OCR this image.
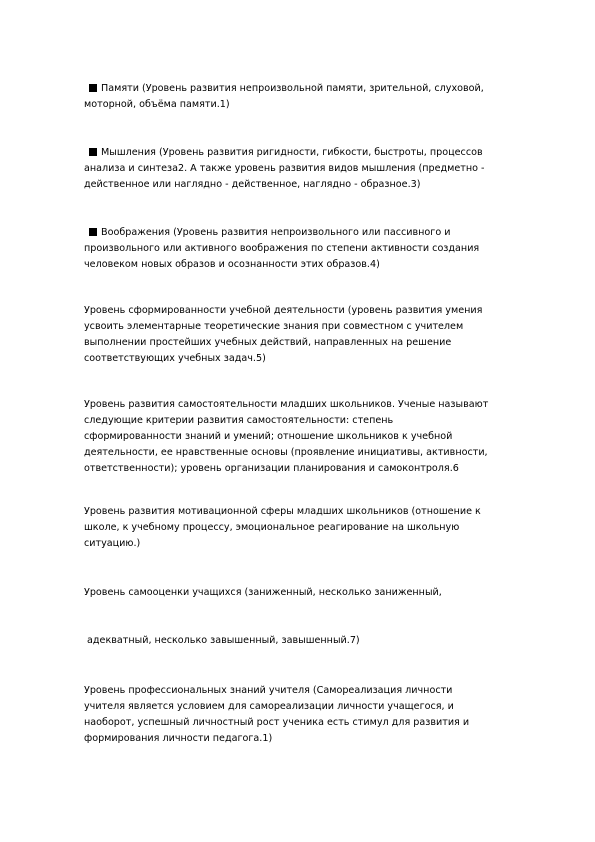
Памяти (Уровень развития непроизвольной памяти, зрительной, слуховой,
моторной, объёма памяти.1)
Мышления (Уровень развития ригидности, гибкости, быстроты, процессов
анализа и синтеза2. А также уровень развития видов мышления (предметно -
действенное или наглядно - действенное, наглядно - образное.3)
Воображения (Уровень развития непроизвольного или пассивного и
произвольного или активного воображения по степени активности создания
человеком новых образов и осознанности этих образов.4)

Уровень сформированности учебной деятельности (уровень развития умения
усвоить элементарные теоретические знания при совместном с учителем
выполнении простейших учебных действий, направленных на решение
соответствующих учебных задач.5)

Уровень развития самостоятельности младших школьников. Ученые называют
следующие критерии развития самостоятельности: степень
сформированности знаний и умений; отношение школьников к учебной
деятельности, ее нравственные основы (проявление инициативы, активности,
ответственности); уровень организации планирования и самоконтроля.6

Уровень развития мотивационной сферы младших школьников (отношение к
школе, к учебному процессу, эмоциональное реагирование на школьную
ситуацию.)

Уровень самооценки учащихся (заниженный, несколько заниженный,

адекватный, несколько завышенный, завышенный.7)

Уровень профессиональных знаний учителя (Самореализация личности
учителя является условием для самореализации личности учащегося, и
наоборот, успешный личностный рост ученика есть стимул для развития и
формирования личности педагога.1)
